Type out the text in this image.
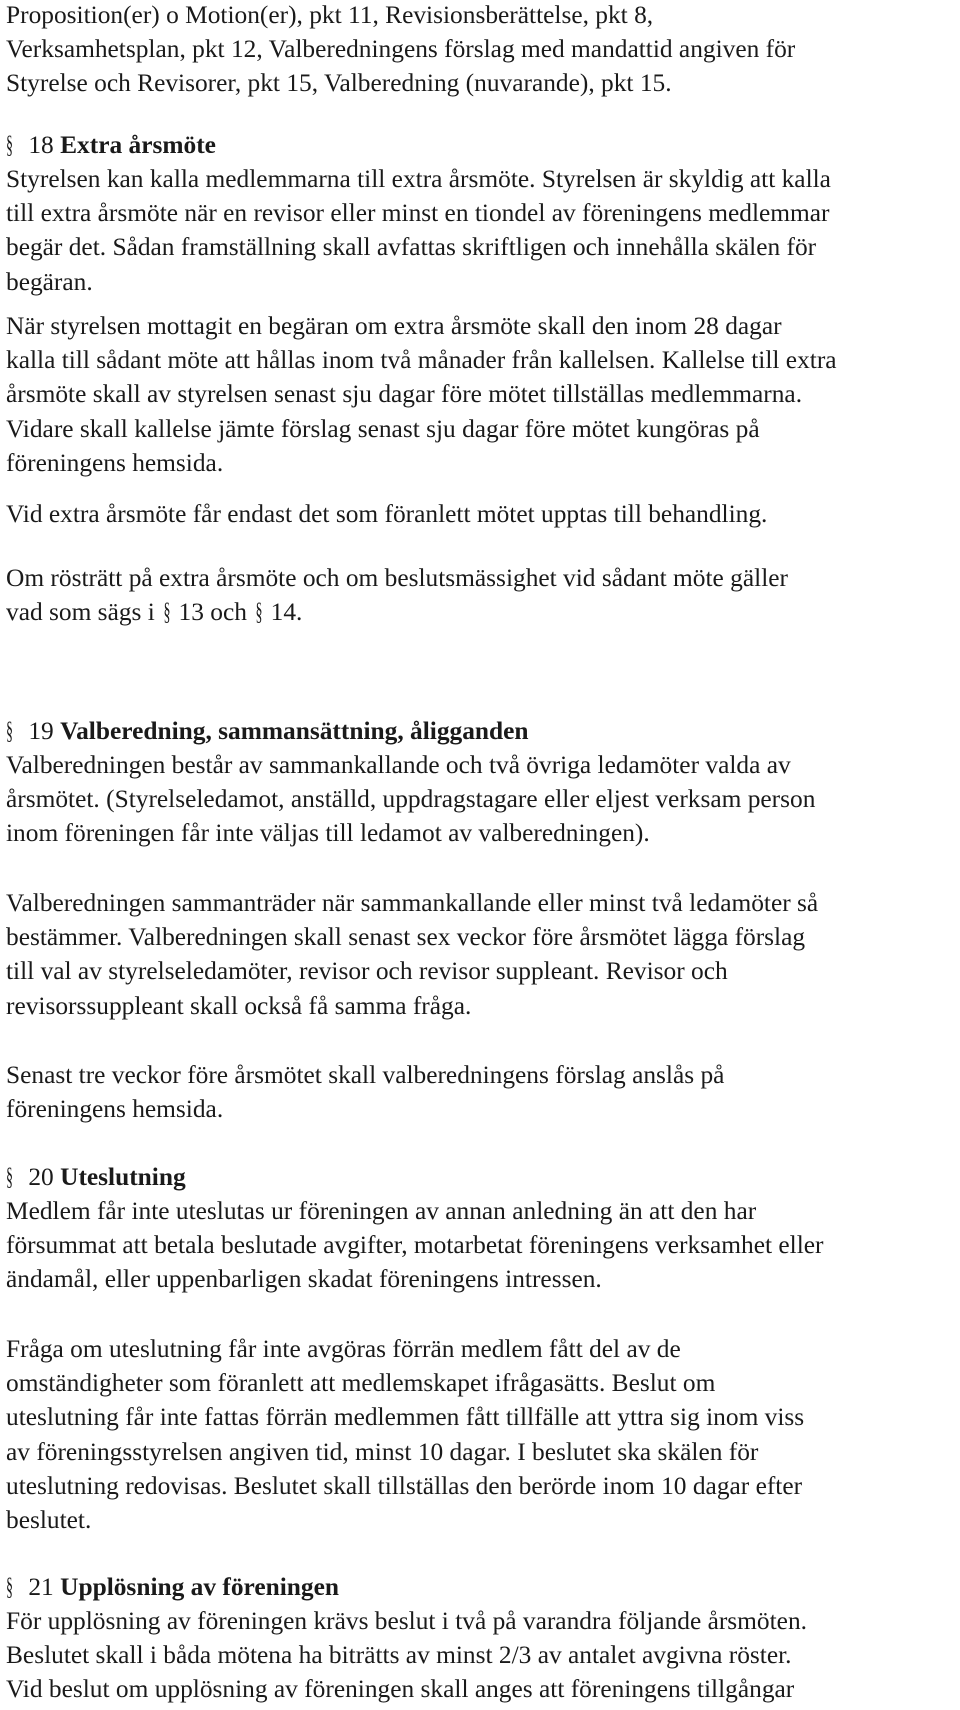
Proposition(er) o Motion(er), pkt 11, Revisionsberättelse, pkt 8,
Verksamhetsplan, pkt 12, Valberedningens förslag med mandattid angiven för
Styrelse och Revisorer, pkt 15, Valberedning (nuvarande), pkt 15.

§ 18 Extra årsmöte

Styrelsen kan kalla medlemmarna till extra årsmöte. Styrelsen är skyldig att kalla
till extra årsmöte när en revisor eller minst en tiondel av föreningens medlemmar
begär det. Sådan framställning skall avfattas skriftligen och innehålla skälen för
begäran.

När styrelsen mottagit en begäran om extra årsmöte skall den inom 28 dagar
kalla till sådant möte att hållas inom två månader från kallelsen. Kallelse till extra
årsmöte skall av styrelsen senast sju dagar före mötet tillställas medlemmarna.
Vidare skall kallelse jämte förslag senast sju dagar före mötet kungöras på
föreningens hemsida.

Vid extra årsmöte får endast det som föranlett mötet upptas till behandling.

Om rösträtt på extra årsmöte och om beslutsmässighet vid sådant möte gäller
vad som sägs i § 13 och § 14.

§ 19 Valberedning, sammansättning, åligganden

Valberedningen består av sammankallande och två övriga ledamöter valda av
årsmötet. (Styrelseledamot, anställd, uppdragstagare eller eljest verksam person
inom föreningen får inte väljas till ledamot av valberedningen).

Valberedningen sammanträder när sammankallande eller minst två ledamöter så
bestämmer. Valberedningen skall senast sex veckor före årsmötet lägga förslag
till val av styrelseledamöter, revisor och revisor suppleant. Revisor och
revisorssuppleant skall också få samma fråga.

Senast tre veckor före årsmötet skall valberedningens förslag anslås på
föreningens hemsida.

§ 20 Uteslutning

Medlem får inte uteslutas ur föreningen av annan anledning än att den har
försummat att betala beslutade avgifter, motarbetat föreningens verksamhet eller
ändamål, eller uppenbarligen skadat föreningens intressen.

Fråga om uteslutning får inte avgöras förrän medlem fått del av de
omständigheter som föranlett att medlemskapet ifrågasätts. Beslut om
uteslutning får inte fattas förrän medlemmen fått tillfälle att yttra sig inom viss
av föreningsstyrelsen angiven tid, minst 10 dagar. I beslutet ska skälen för
uteslutning redovisas. Beslutet skall tillställas den berörde inom 10 dagar efter
beslutet.

§ 21 Upplösning av föreningen

För upplösning av föreningen krävs beslut i två på varandra följande årsmöten.
Beslutet skall i båda mötena ha biträtts av minst 2/3 av antalet avgivna röster.
Vid beslut om upplösning av föreningen skall anges att föreningens tillgångar
